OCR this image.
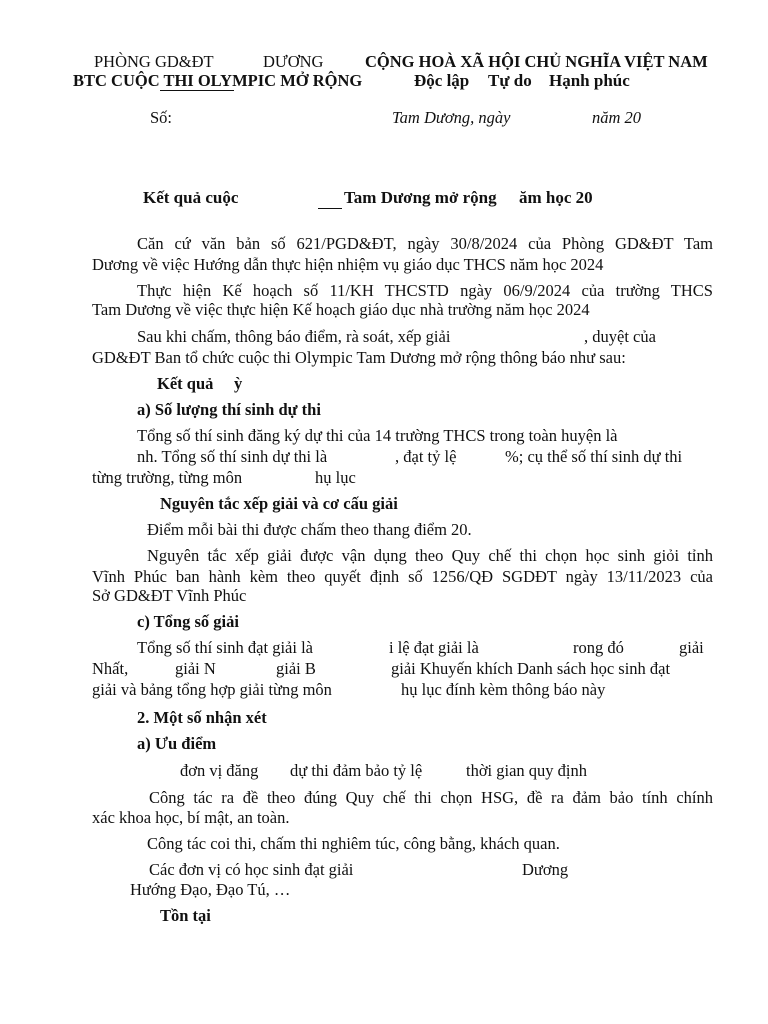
PHÒNG GD&ĐT	DƯƠNG
BTC CUỘC THI OLYMPIC MỞ RỘNG
CỘNG HOÀ XÃ HỘI CHỦ NGHĨA VIỆT NAM
Độc lập Tự do Hạnh phúc
Số:	Tam Dương, ngày	năm 20
Kết quả cuộc	Tam Dương mở rộng ăm học 20
Căn cứ văn bản số 621/PGD&ĐT, ngày 30/8/2024 của Phòng GD&ĐT Tam
Dương về việc Hướng dẫn thực hiện nhiệm vụ giáo dục THCS năm học 2024
Thực hiện Kế hoạch số 11/KH THCSTD ngày 06/9/2024 của trường THCS
Tam Dương về việc thực hiện Kế hoạch giáo dục nhà trường năm học 2024
Sau khi chấm, thông báo điểm, rà soát, xếp giải	, duyệt của
GD&ĐT Ban tổ chức cuộc thi Olympic Tam Dương mở rộng thông báo như sau:
Kết quả ỳ
a) Số lượng thí sinh dự thi
Tổng số thí sinh đăng ký dự thi của 14 trường THCS trong toàn huyện là
nh. Tổng số thí sinh dự thi là	, đạt tỷ lệ	%; cụ thể số thí sinh dự thi
từng trường, từng môn	hụ lục
Nguyên tắc xếp giải và cơ cấu giải
Điểm mỗi bài thi được chấm theo thang điểm 20.
Nguyên tắc xếp giải được vận dụng theo Quy chế thi chọn học sinh giỏi tỉnh
Vĩnh Phúc ban hành kèm theo quyết định số 1256/QĐ SGDĐT ngày 13/11/2023 của
Sở GD&ĐT Vĩnh Phúc
c) Tổng số giải
Tổng số thí sinh đạt giải là	i lệ đạt giải là	rong đó	giải
Nhất,	giải N	giải B	giải Khuyến khích Danh sách học sinh đạt
giải và bảng tổng hợp giải từng môn	hụ lục đính kèm thông báo này
2. Một số nhận xét
a) Ưu điểm
đơn vị đăng dự thi đảm bảo tỷ lệ	thời gian quy định
Công tác ra đề theo đúng Quy chế thi chọn HSG, đề ra đảm bảo tính chính
xác khoa học, bí mật, an toàn.
Công tác coi thi, chấm thi nghiêm túc, công bằng, khách quan.
Các đơn vị có học sinh đạt giải	Dương
Hướng Đạo, Đạo Tú, …
Tồn tại
